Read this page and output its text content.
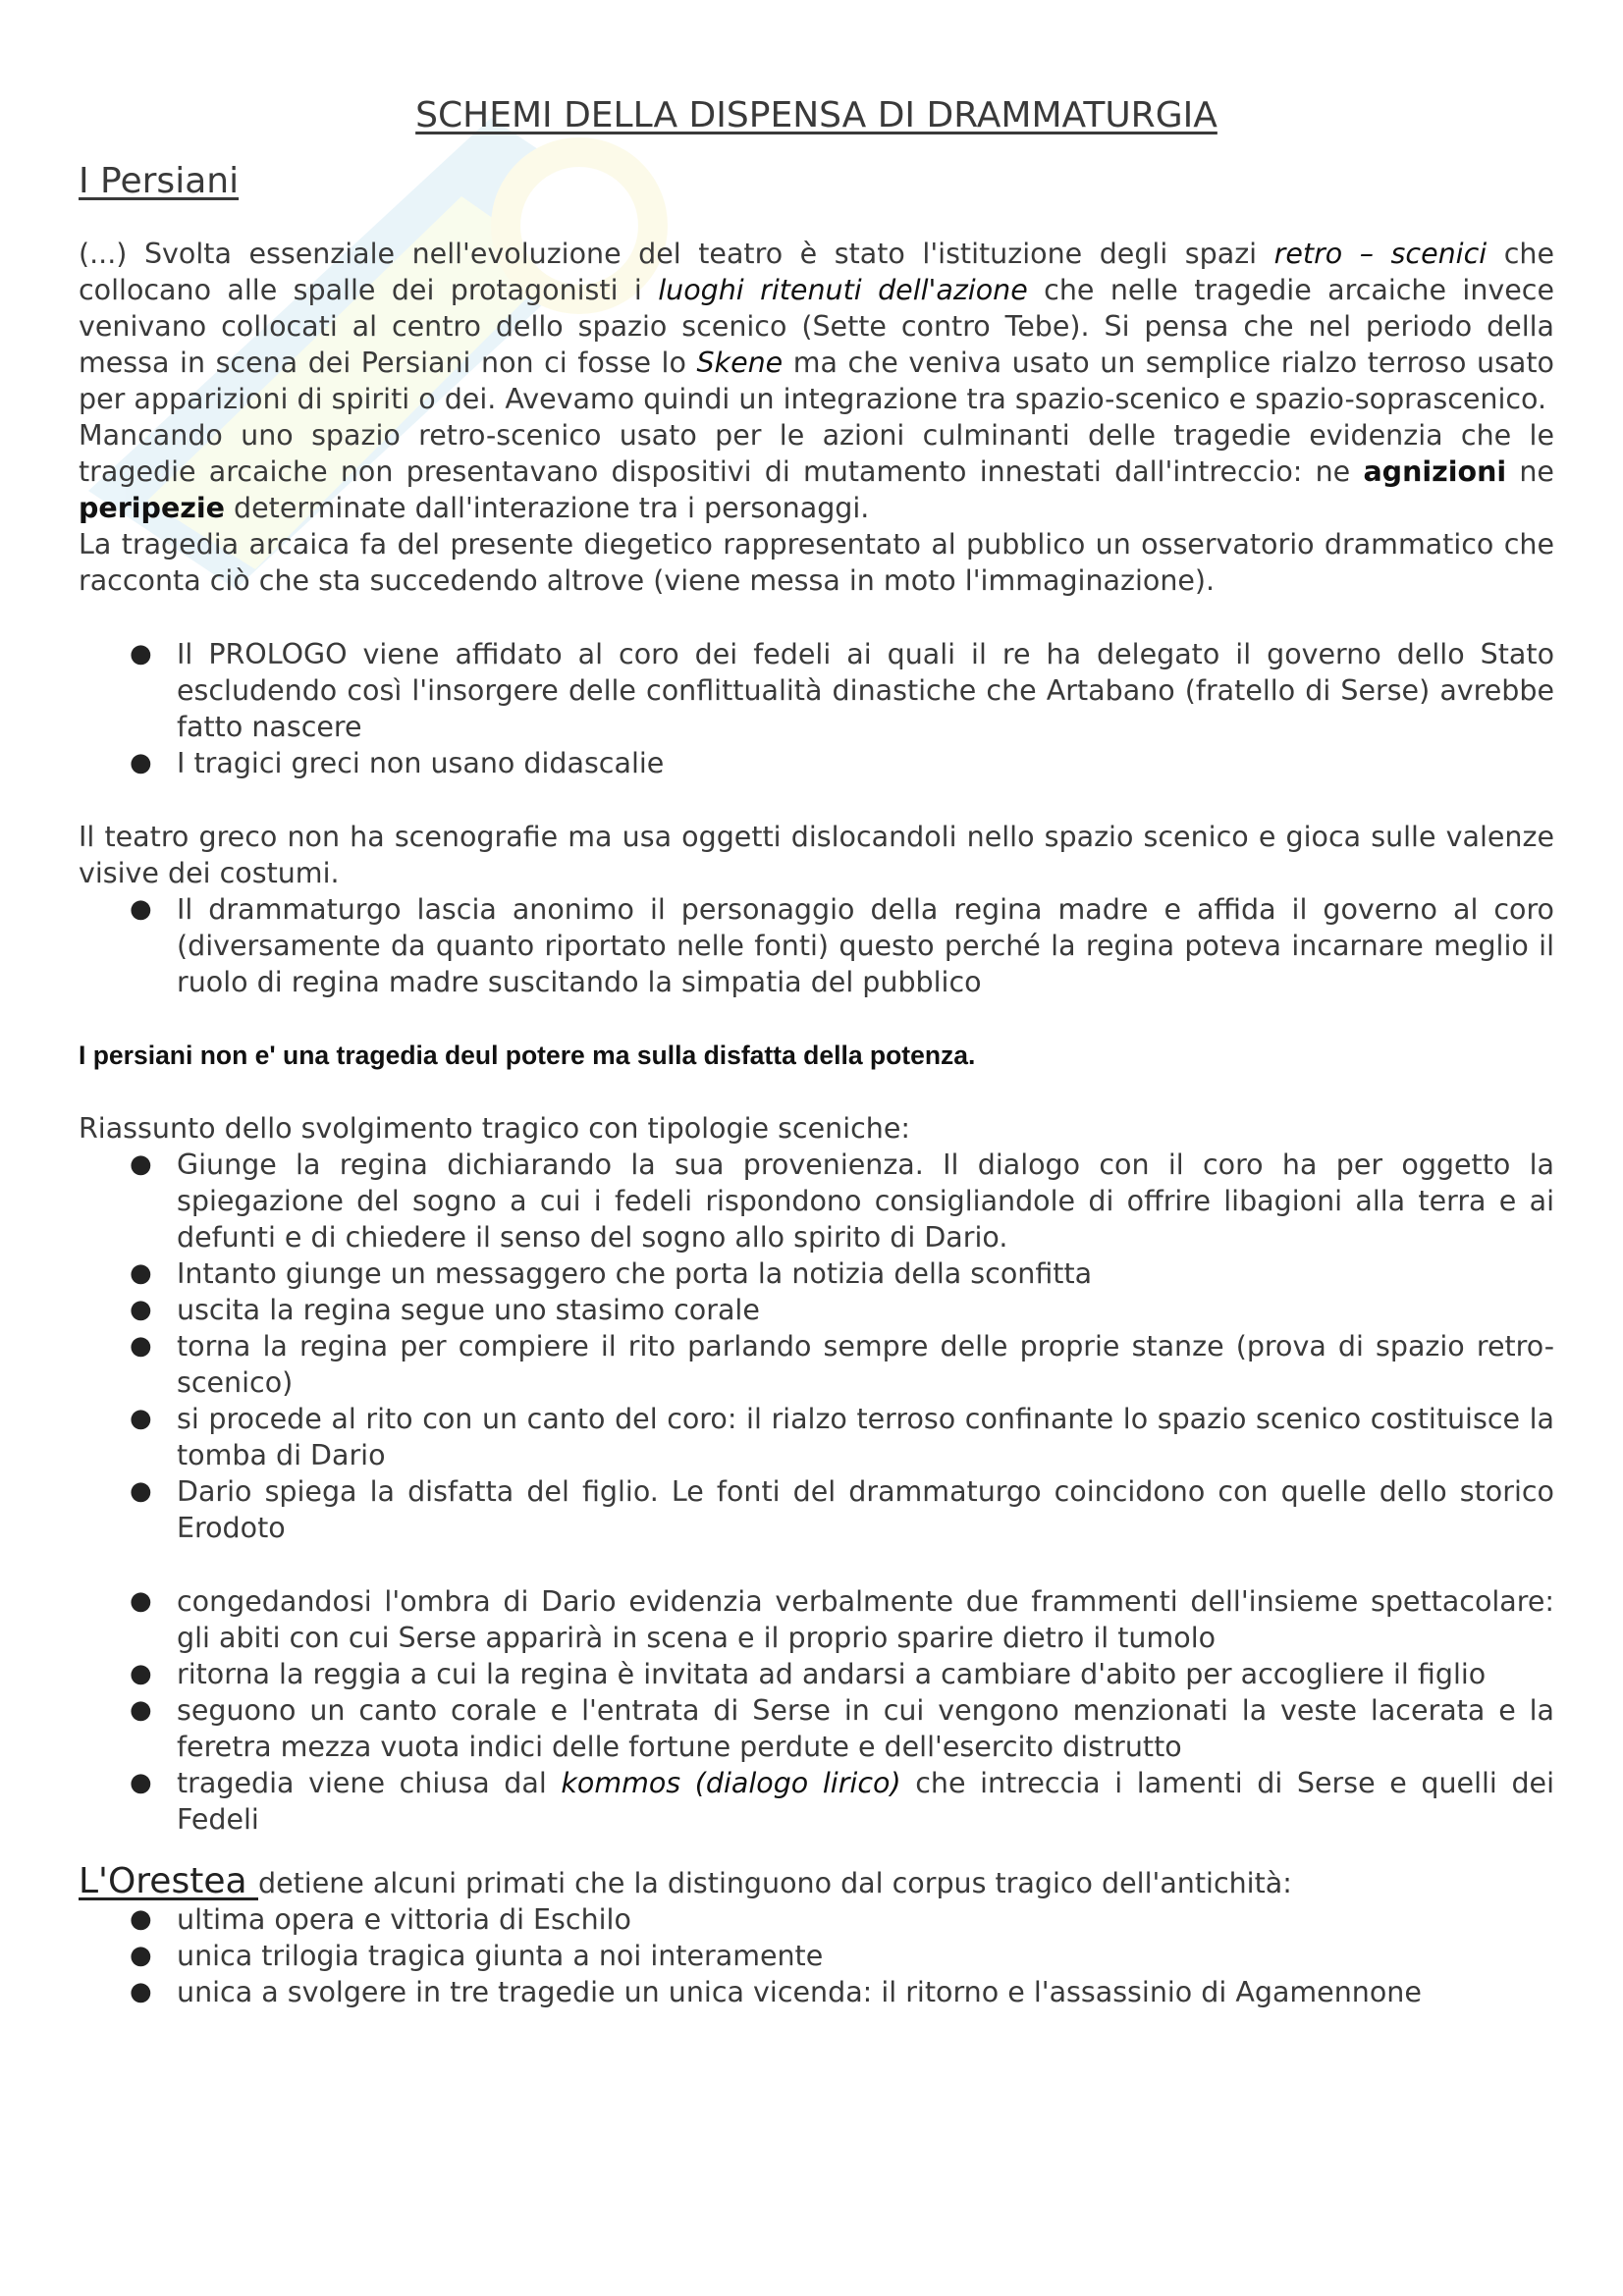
SCHEMI DELLA DISPENSA DI DRAMMATURGIA
I Persiani

(...) Svolta essenziale nell'evoluzione del teatro è stato l'istituzione degli spazi retro – scenici che collocano alle spalle dei protagonisti i luoghi ritenuti dell'azione che nelle tragedie arcaiche invece venivano collocati al centro dello spazio scenico (Sette contro Tebe). Si pensa che nel periodo della messa in scena dei Persiani non ci fosse lo Skene ma che veniva usato un semplice rialzo terroso usato per apparizioni di spiriti o dei. Avevamo quindi un integrazione tra spazio-scenico e spazio-soprascenico.

Mancando uno spazio retro-scenico usato per le azioni culminanti delle tragedie evidenzia che le tragedie arcaiche non presentavano dispositivi di mutamento innestati dall'intreccio: ne agnizioni ne peripezie determinate dall'interazione tra i personaggi.

La tragedia arcaica fa del presente diegetico rappresentato al pubblico un osservatorio drammatico che racconta ciò che sta succedendo altrove (viene messa in moto l'immaginazione).

● Il PROLOGO viene affidato al coro dei fedeli ai quali il re ha delegato il governo dello Stato escludendo così l'insorgere delle conflittualità dinastiche che Artabano (fratello di Serse) avrebbe fatto nascere
● I tragici greci non usano didascalie

Il teatro greco non ha scenografie ma usa oggetti dislocandoli nello spazio scenico e gioca sulle valenze visive dei costumi.

● Il drammaturgo lascia anonimo il personaggio della regina madre e affida il governo al coro (diversamente da quanto riportato nelle fonti) questo perché la regina poteva incarnare meglio il ruolo di regina madre suscitando la simpatia del pubblico

I persiani non e' una tragedia deul potere ma sulla disfatta della potenza.

Riassunto dello svolgimento tragico con tipologie sceniche:

● Giunge la regina dichiarando la sua provenienza. Il dialogo con il coro ha per oggetto la spiegazione del sogno a cui i fedeli rispondono consigliandole di offrire libagioni alla terra e ai defunti e di chiedere il senso del sogno allo spirito di Dario.
● Intanto giunge un messaggero che porta la notizia della sconfitta
● uscita la regina segue uno stasimo corale
● torna la regina per compiere il rito parlando sempre delle proprie stanze (prova di spazio retro-scenico)
● si procede al rito con un canto del coro: il rialzo terroso confinante lo spazio scenico costituisce la tomba di Dario
● Dario spiega la disfatta del figlio. Le fonti del drammaturgo coincidono con quelle dello storico Erodoto
● congedandosi l'ombra di Dario evidenzia verbalmente due frammenti dell'insieme spettacolare: gli abiti con cui Serse apparirà in scena e il proprio sparire dietro il tumolo
● ritorna la reggia a cui la regina è invitata ad andarsi a cambiare d'abito per accogliere il figlio
● seguono un canto corale e l'entrata di Serse in cui vengono menzionati la veste lacerata e la feretra mezza vuota indici delle fortune perdute e dell'esercito distrutto
● tragedia viene chiusa dal kommos (dialogo lirico) che intreccia i lamenti di Serse e quelli dei Fedeli

L'Orestea detiene alcuni primati che la distinguono dal corpus tragico dell'antichità:

● ultima opera e vittoria di Eschilo
● unica trilogia tragica giunta a noi interamente
● unica a svolgere in tre tragedie un unica vicenda: il ritorno e l'assassinio di Agamennone
